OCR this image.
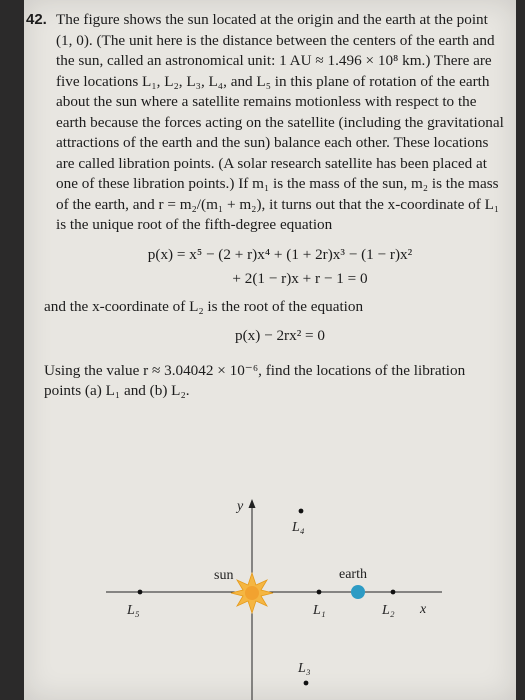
42. The figure shows the sun located at the origin and the earth at the point (1, 0). (The unit here is the distance between the centers of the earth and the sun, called an astronomical unit: 1 AU ≈ 1.496 × 10⁸ km.) There are five locations L₁, L₂, L₃, L₄, and L₅ in this plane of rotation of the earth about the sun where a satellite remains motionless with respect to the earth because the forces acting on the satellite (including the gravitational attractions of the earth and the sun) balance each other. These locations are called libration points. (A solar research satellite has been placed at one of these libration points.) If m₁ is the mass of the sun, m₂ is the mass of the earth, and r = m₂/(m₁ + m₂), it turns out that the x-coordinate of L₁ is the unique root of the fifth-degree equation

p(x) = x⁵ − (2 + r)x⁴ + (1 + 2r)x³ − (1 − r)x²
+ 2(1 − r)x + r − 1 = 0

and the x-coordinate of L₂ is the root of the equation

p(x) − 2rx² = 0

Using the value r ≈ 3.04042 × 10⁻⁶, find the locations of the libration points (a) L₁ and (b) L₂.

y
sun	earth
L₄
L₅	L₁	L₂ x
L₃
